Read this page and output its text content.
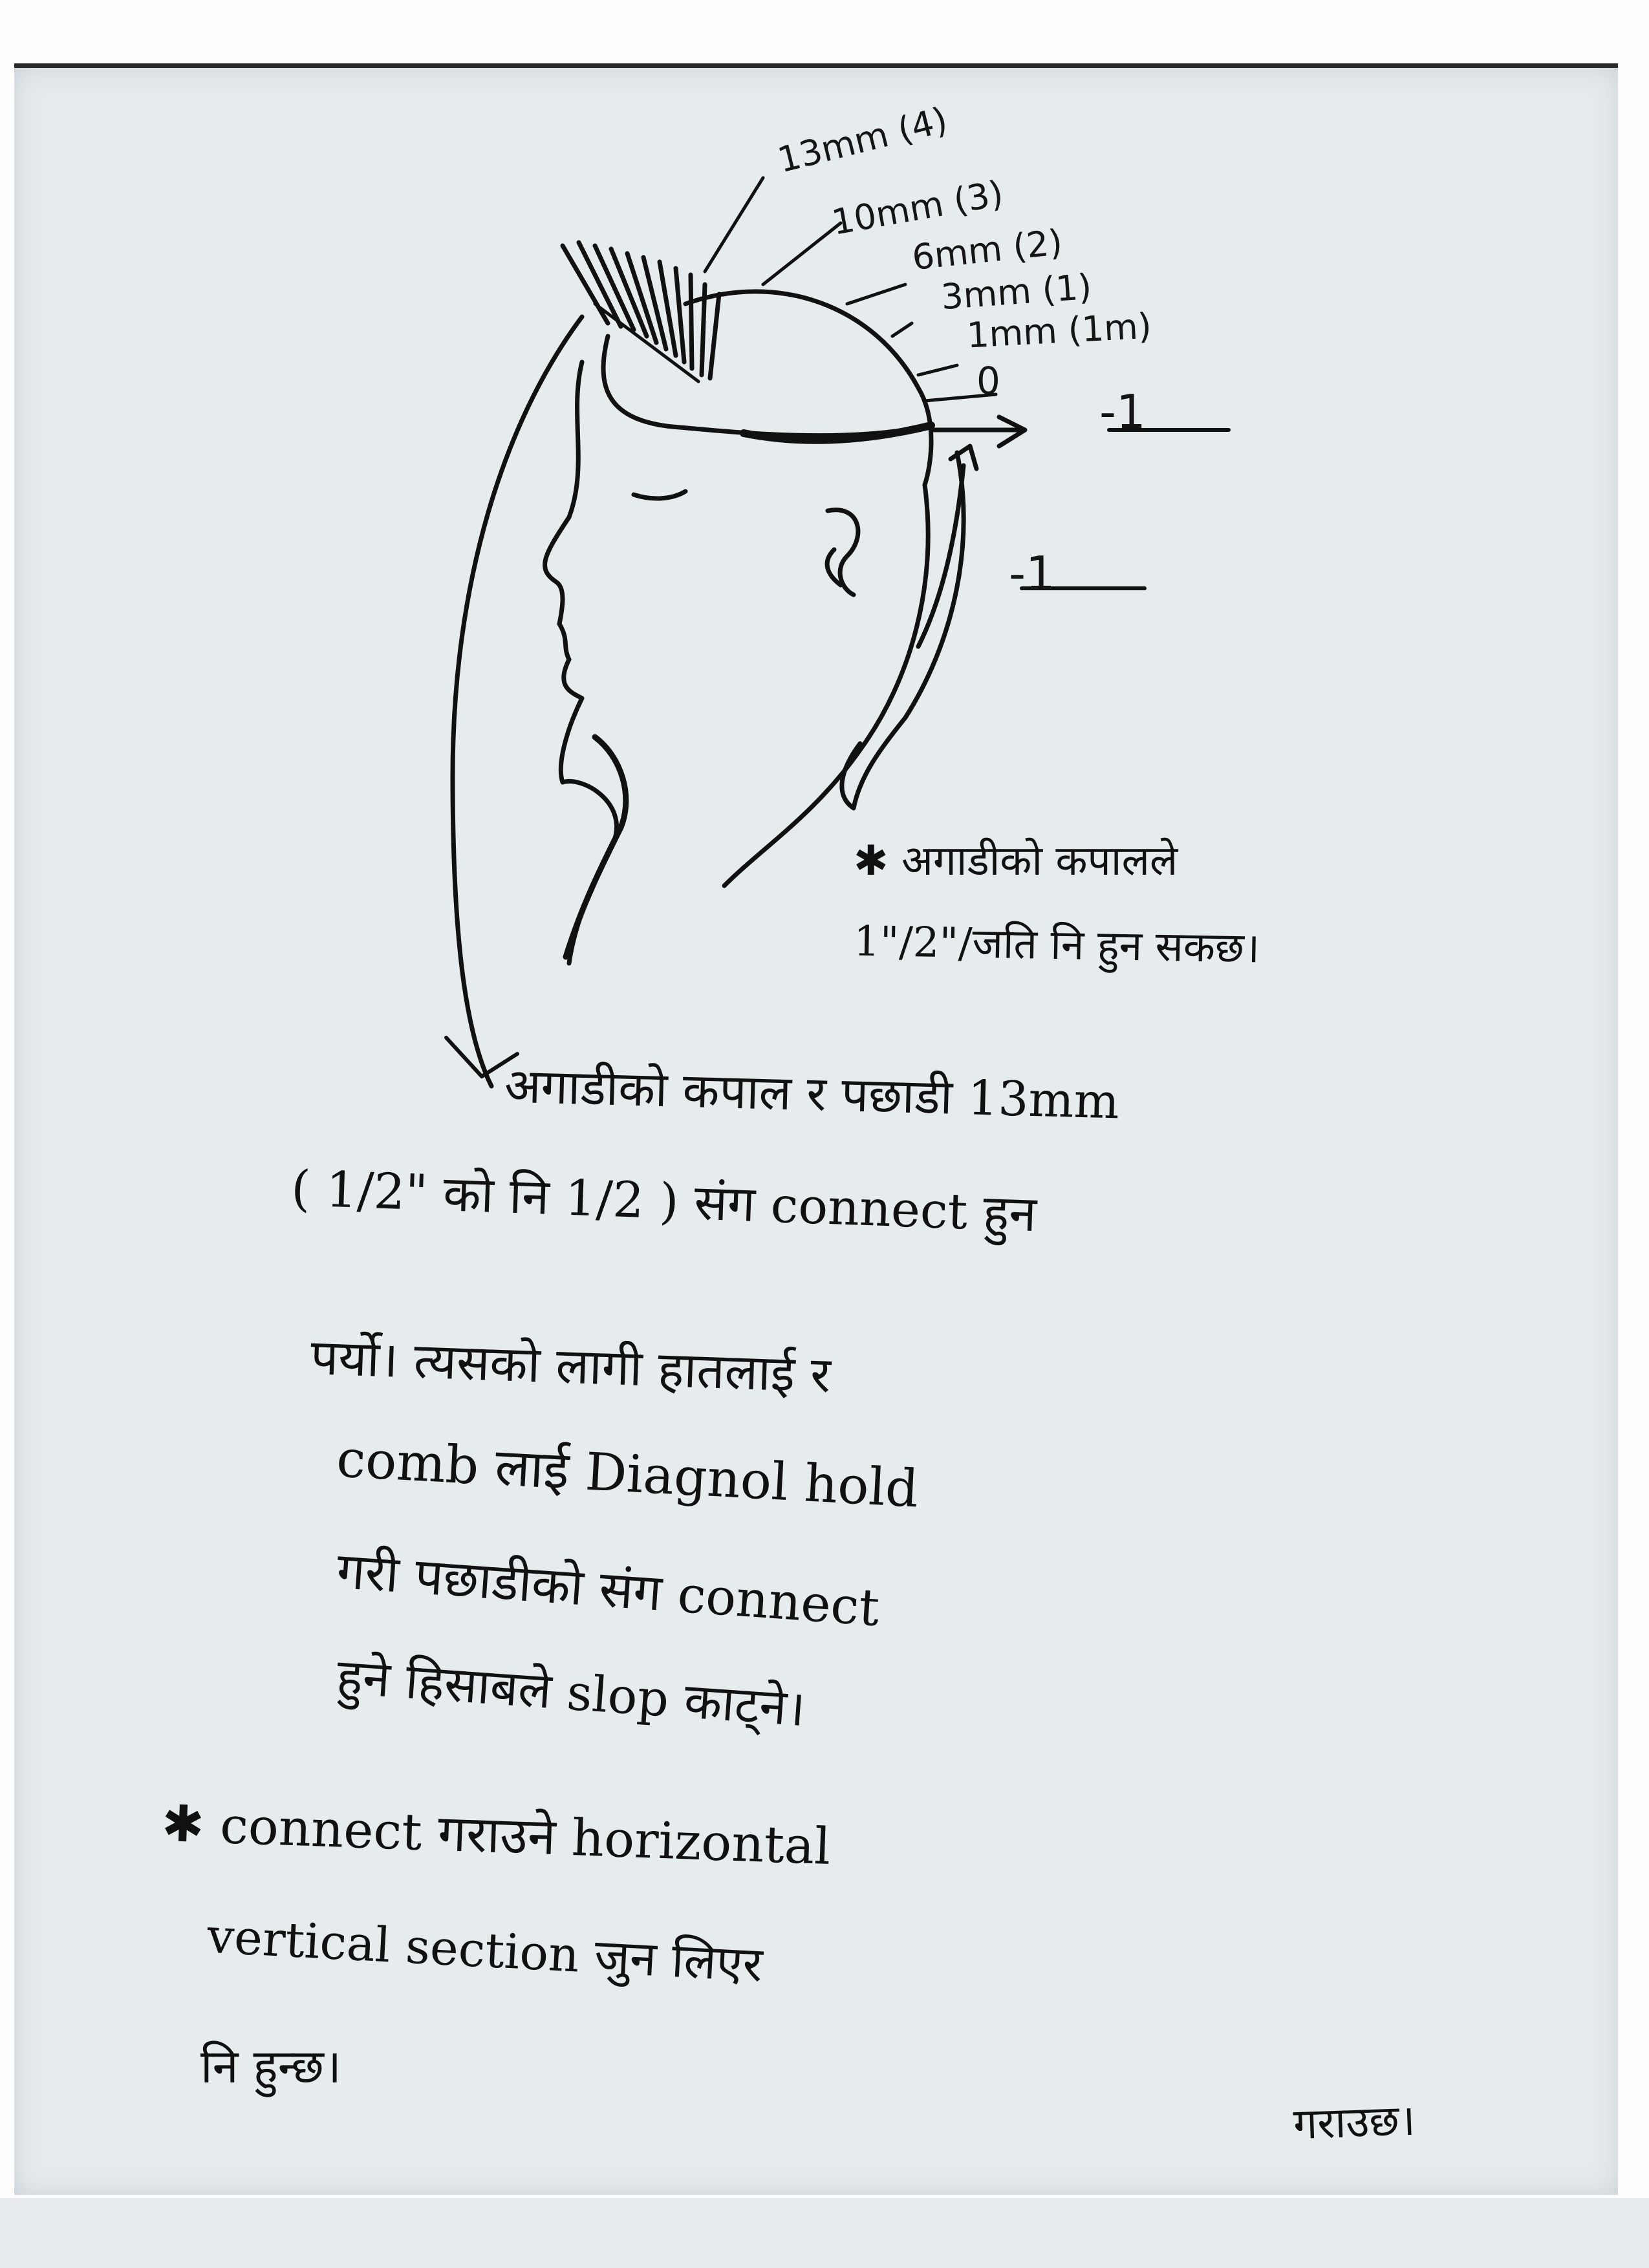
13mm (4)
10mm (3)
6mm (2)
3mm (1)
1mm (1m)
0
-1
-1
✱ अगाडीको कपालले
1"/2"/जति नि हुन सकछ।
अगाडीको कपाल र पछाडी 13mm
( 1/2" को नि 1/2 ) संग connect हुन
पर्यो। त्यसको लागी हातलाई र
comb लाई Diagnol hold
गरी पछाडीको संग connect
हुने हिसाबले slop काट्ने।
✱ connect गराउने horizontal
vertical section जुन लिएर
नि हुन्छ।
गराउछ।
